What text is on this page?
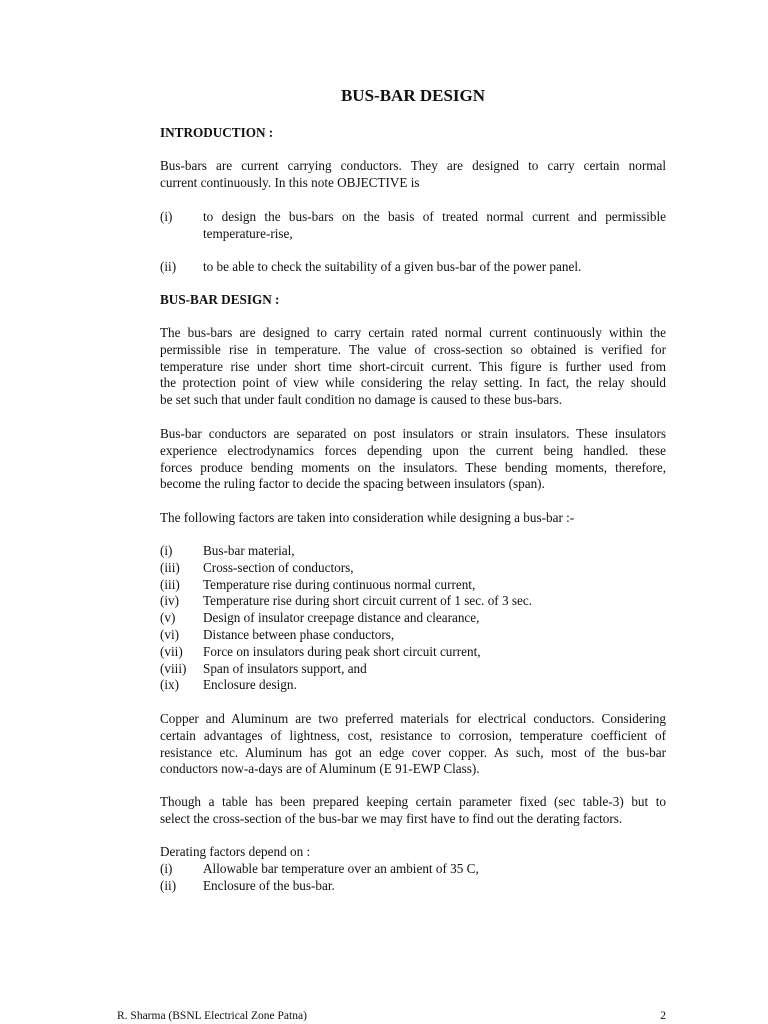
BUS-BAR DESIGN
INTRODUCTION :
Bus-bars are current carrying conductors. They are designed to carry certain normal
current continuously. In this note OBJECTIVE is
(i) to design the bus-bars on the basis of treated normal current and permissible
temperature-rise,
(ii) to be able to check the suitability of a given bus-bar of the power panel.
BUS-BAR DESIGN :
The bus-bars are designed to carry certain rated normal current continuously within the
permissible rise in temperature. The value of cross-section so obtained is verified for
temperature rise under short time short-circuit current. This figure is further used from
the protection point of view while considering the relay setting. In fact, the relay should
be set such that under fault condition no damage is caused to these bus-bars.
Bus-bar conductors are separated on post insulators or strain insulators. These insulators
experience electrodynamics forces depending upon the current being handled. these
forces produce bending moments on the insulators. These bending moments, therefore,
become the ruling factor to decide the spacing between insulators (span).
The following factors are taken into consideration while designing a bus-bar :-
(i) Bus-bar material,
(iii) Cross-section of conductors,
(iii) Temperature rise during continuous normal current,
(iv) Temperature rise during short circuit current of 1 sec. of 3 sec.
(v) Design of insulator creepage distance and clearance,
(vi) Distance between phase conductors,
(vii) Force on insulators during peak short circuit current,
(viii) Span of insulators support, and
(ix) Enclosure design.
Copper and Aluminum are two preferred materials for electrical conductors. Considering
certain advantages of lightness, cost, resistance to corrosion, temperature coefficient of
resistance etc. Aluminum has got an edge cover copper. As such, most of the bus-bar
conductors now-a-days are of Aluminum (E 91-EWP Class).
Though a table has been prepared keeping certain parameter fixed (sec table-3) but to
select the cross-section of the bus-bar we may first have to find out the derating factors.
Derating factors depend on :
(i) Allowable bar temperature over an ambient of 35 C,
(ii) Enclosure of the bus-bar.
R. Sharma (BSNL Electrical Zone Patna)	2
